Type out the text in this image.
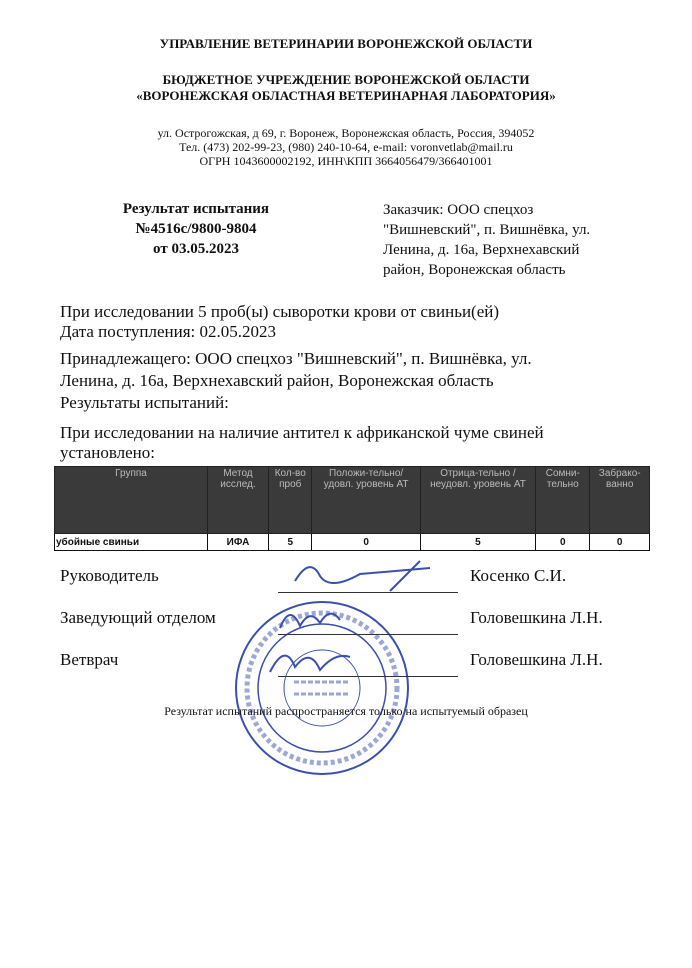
УПРАВЛЕНИЕ ВЕТЕРИНАРИИ ВОРОНЕЖСКОЙ ОБЛАСТИ
БЮДЖЕТНОЕ УЧРЕЖДЕНИЕ ВОРОНЕЖСКОЙ ОБЛАСТИ
«ВОРОНЕЖСКАЯ ОБЛАСТНАЯ ВЕТЕРИНАРНАЯ ЛАБОРАТОРИЯ»
ул. Острогожская, д 69, г. Воронеж, Воронежская область, Россия, 394052
Тел. (473) 202-99-23, (980) 240-10-64, e-mail: voronvetlab@mail.ru
ОГРН 1043600002192, ИНН\КПП 3664056479/366401001
Результат испытания
№4516с/9800-9804
от 03.05.2023
Заказчик: ООО спецхоз
"Вишневский", п. Вишнёвка, ул.
Ленина, д. 16а, Верхнехавский
район, Воронежская область
При исследовании 5 проб(ы) сыворотки крови от свиньи(ей)
Дата поступления: 02.05.2023
Принадлежащего: ООО спецхоз "Вишневский", п. Вишнёвка, ул.
Ленина, д. 16а, Верхнехавский район, Воронежская область
Результаты испытаний:
При исследовании на наличие антител к африканской чуме свиней
установлено:
Группа	Метод исслед.	Кол-во проб	Положи-тельно/ удовл. уровень АТ	Отрица-тельно / неудовл. уровень АТ	Сомни-тельно	Забрако-ванно
убойные свиньи	ИФА	5	0	5	0	0
Руководитель	Косенко С.И.
Заведующий отделом	Головешкина Л.Н.
Ветврач	Головешкина Л.Н.
Результат испытаний распространяется только на испытуемый образец
